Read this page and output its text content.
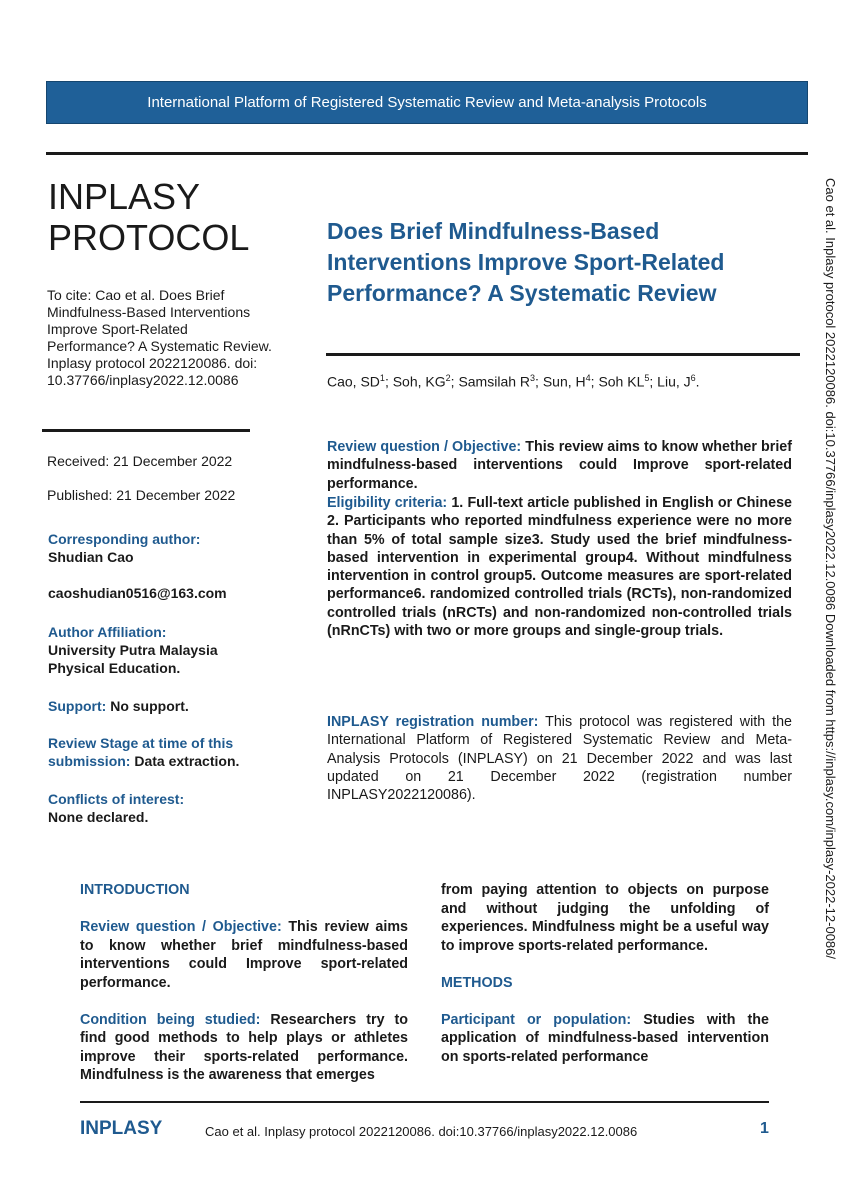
International Platform of Registered Systematic Review and Meta-analysis Protocols
INPLASY
PROTOCOL
To cite: Cao et al. Does Brief Mindfulness-Based Interventions Improve Sport-Related Performance? A Systematic Review. Inplasy protocol 2022120086. doi: 10.37766/inplasy2022.12.0086
Received: 21 December 2022
Published: 21 December 2022
Corresponding author:
Shudian Cao
caoshudian0516@163.com
Author Affiliation:
University Putra Malaysia
Physical Education.
Support: No support.
Review Stage at time of this
submission: Data extraction.
Conflicts of interest:
None declared.
Does Brief Mindfulness-Based
Interventions Improve Sport-Related
Performance? A Systematic Review
Cao, $SD^1$; Soh, $KG^2$; Samsilah $R^3$; Sun, $H^4$; Soh $KL^5$; Liu, $J^6$.
Review question / Objective: This review aims to know whether brief mindfulness-based interventions could Improve sport-related performance.
Eligibility criteria: 1. Full-text article published in English or Chinese 2. Participants who reported mindfulness experience were no more than 5% of total sample size3. Study used the brief mindfulness-based intervention in experimental group4. Without mindfulness intervention in control group5. Outcome measures are sport-related performance6. randomized controlled trials (RCTs), non-randomized controlled trials (nRCTs) and non-randomized non-controlled trials (nRnCTs) with two or more groups and single-group trials.
INPLASY registration number: This protocol was registered with the International Platform of Registered Systematic Review and Meta-Analysis Protocols (INPLASY) on 21 December 2022 and was last updated on 21 December 2022 (registration number INPLASY2022120086).

INTRODUCTION

Review question / Objective: This review aims to know whether brief mindfulness-based interventions could Improve sport-related performance.

Condition being studied: Researchers try to find good methods to help plays or athletes improve their sports-related performance. Mindfulness is the awareness that emerges

from paying attention to objects on purpose and without judging the unfolding of experiences. Mindfulness might be a useful way to improve sports-related performance.

METHODS

Participant or population: Studies with the application of mindfulness-based intervention on sports-related performance

Cao et al. Inplasy protocol 2022120086. doi:10.37766/inplasy2022.12.0086 Downloaded from https://inplasy.com/inplasy-2022-12-0086/
INPLASY	Cao et al. Inplasy protocol 2022120086. doi:10.37766/inplasy2022.12.0086	1
